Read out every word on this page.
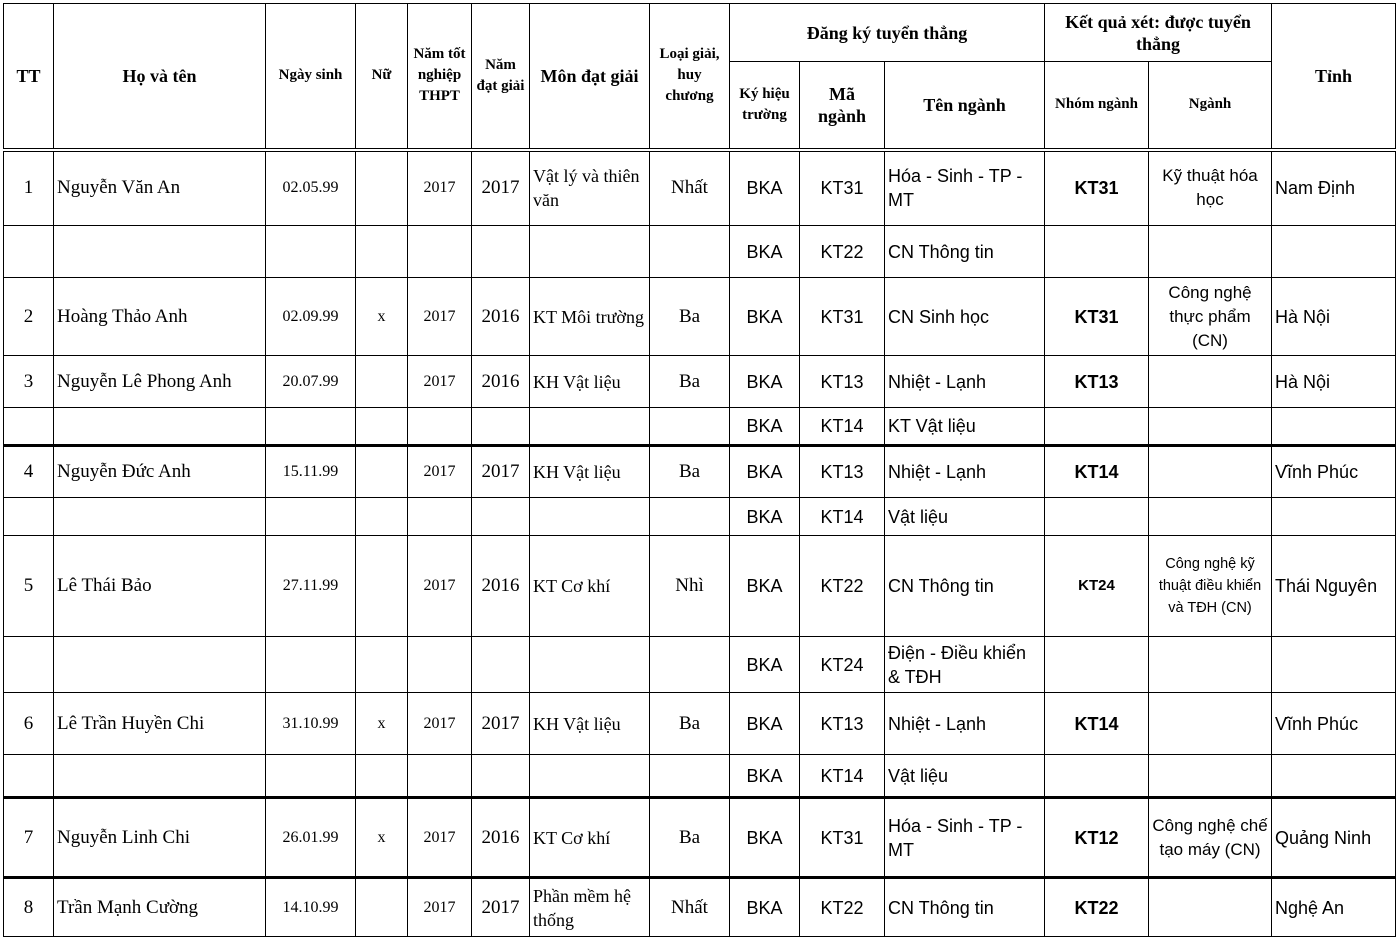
TT	Họ và tên	Ngày sinh	Nữ	Năm tốt nghiệp THPT	Năm đạt giải	Môn đạt giải	Loại giải, huy chương	Đăng ký tuyển thẳng			Kết quả xét: được tuyển thẳng		Tỉnh
								Ký hiệu trường	Mã ngành	Tên ngành	Nhóm ngành	Ngành	
1	Nguyễn Văn An	02.05.99		2017	2017	Vật lý và thiên văn	Nhất	BKA	KT31	Hóa - Sinh - TP - MT	KT31	Kỹ thuật hóa học	Nam Định
								BKA	KT22	CN Thông tin			
2	Hoàng Thảo Anh	02.09.99	x	2017	2016	KT Môi trường	Ba	BKA	KT31	CN Sinh học	KT31	Công nghệ thực phẩm (CN)	Hà Nội
3	Nguyễn Lê Phong Anh	20.07.99		2017	2016	KH Vật liệu	Ba	BKA	KT13	Nhiệt - Lạnh	KT13		Hà Nội
								BKA	KT14	KT Vật liệu			
4	Nguyễn Đức Anh	15.11.99		2017	2017	KH Vật liệu	Ba	BKA	KT13	Nhiệt - Lạnh	KT14		Vĩnh Phúc
								BKA	KT14	Vật liệu			
5	Lê Thái Bảo	27.11.99		2017	2016	KT Cơ khí	Nhì	BKA	KT22	CN Thông tin	KT24	Công nghệ kỹ thuật điều khiển và TĐH (CN)	Thái Nguyên
								BKA	KT24	Điện - Điều khiển & TĐH			
6	Lê Trần Huyền Chi	31.10.99	x	2017	2017	KH Vật liệu	Ba	BKA	KT13	Nhiệt - Lạnh	KT14		Vĩnh Phúc
								BKA	KT14	Vật liệu			
7	Nguyễn Linh Chi	26.01.99	x	2017	2016	KT Cơ khí	Ba	BKA	KT31	Hóa - Sinh - TP - MT	KT12	Công nghệ chế tạo máy (CN)	Quảng Ninh
8	Trần Mạnh Cường	14.10.99		2017	2017	Phần mềm hệ thống	Nhất	BKA	KT22	CN Thông tin	KT22		Nghệ An
